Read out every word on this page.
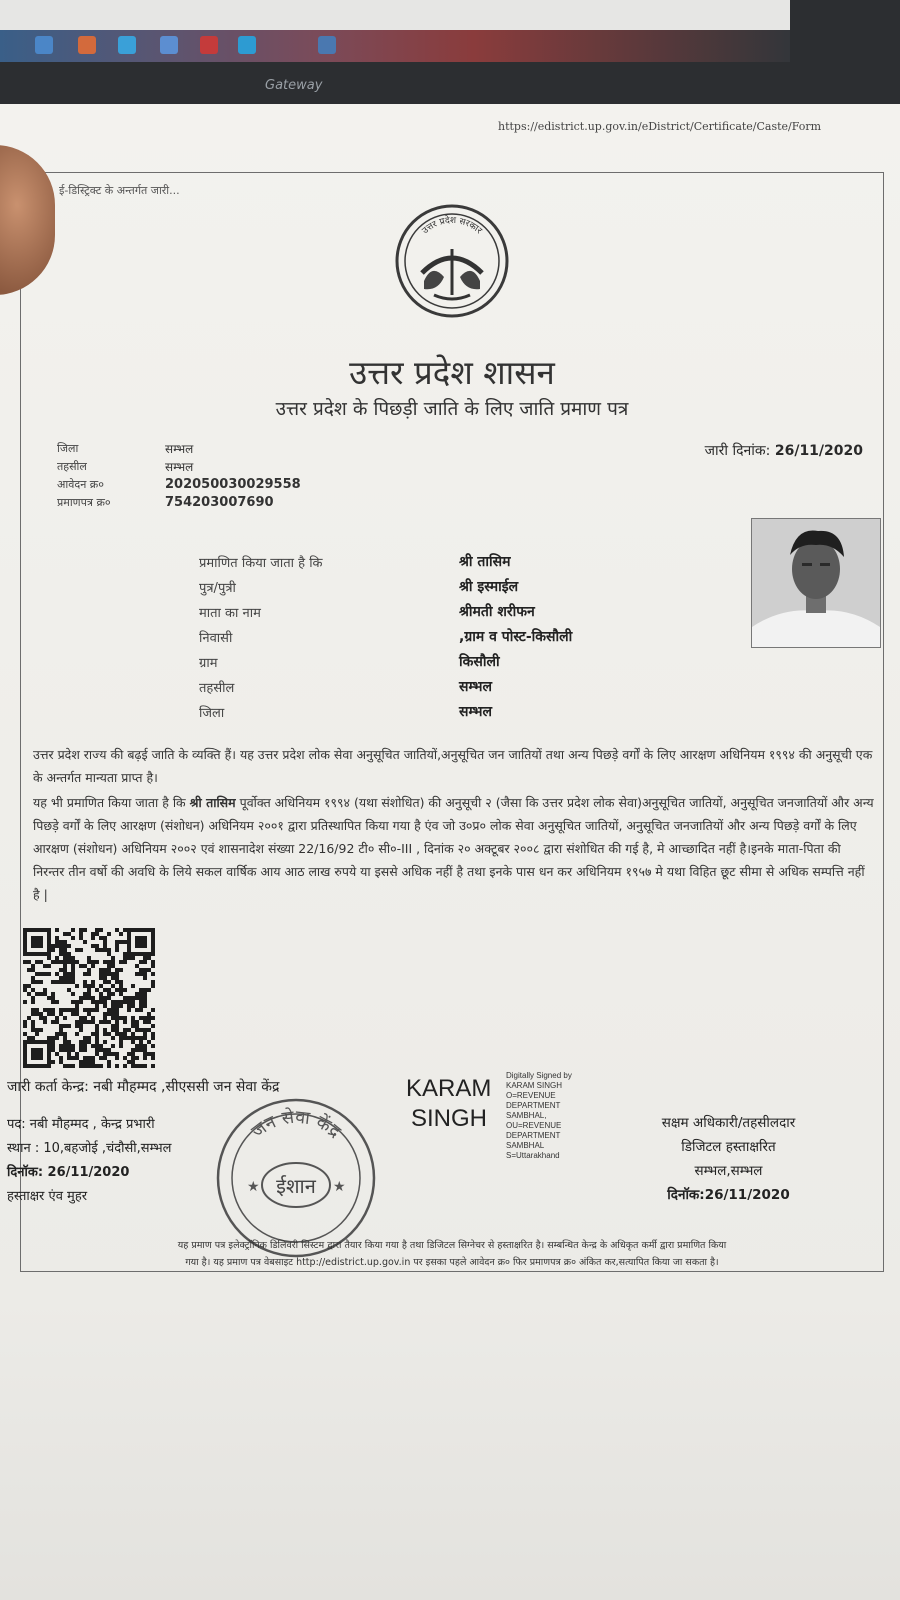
Gateway
https://edistrict.up.gov.in/eDistrict/Certificate/Caste/Form
ई-डिस्ट्रिक्ट के अन्तर्गत जारी...
उत्तर प्रदेश सरकार
उत्तर प्रदेश शासन
उत्तर प्रदेश के पिछड़ी जाति के लिए जाति प्रमाण पत्र
जिला	सम्भल
तहसील	सम्भल
आवेदन क्र०	202050030029558
प्रमाणपत्र क्र०	754203007690
जारी दिनांक: 26/11/2020
प्रमाणित किया जाता है कि	श्री तासिम
पुत्र/पुत्री	श्री इस्माईल
माता का नाम	श्रीमती शरीफन
निवासी	,ग्राम व पोस्ट-किसौली
ग्राम	किसौली
तहसील	सम्भल
जिला	सम्भल
उत्तर प्रदेश राज्य की बढ़ई जाति के व्यक्ति हैं। यह उत्तर प्रदेश लोक सेवा अनुसूचित जातियों,अनुसूचित जन जातियों तथा अन्य पिछड़े वर्गों के लिए आरक्षण अधिनियम १९९४ की अनुसूची एक के अन्तर्गत मान्यता प्राप्त है।
यह भी प्रमाणित किया जाता है कि श्री तासिम पूर्वोक्त अधिनियम १९९४ (यथा संशोधित) की अनुसूची २ (जैसा कि उत्तर प्रदेश लोक सेवा)अनुसूचित जातियों, अनुसूचित जनजातियों और अन्य पिछड़े वर्गों के लिए आरक्षण (संशोधन) अधिनियम २००१ द्वारा प्रतिस्थापित किया गया है एंव जो उ०प्र० लोक सेवा अनुसूचित जातियों, अनुसूचित जनजातियों और अन्य पिछड़े वर्गों के लिए आरक्षण (संशोधन) अधिनियम २००२ एवं शासनादेश संख्या 22/16/92 टी० सी०-III , दिनांक २० अक्टूबर २००८ द्वारा संशोधित की गई है, मे आच्छादित नहीं है।इनके माता-पिता की निरन्तर तीन वर्षो की अवधि के लिये सकल वार्षिक आय आठ लाख रुपये या इससे अधिक नहीं है तथा इनके पास धन कर अधिनियम १९५७ मे यथा विहित छूट सीमा से अधिक सम्पत्ति नहीं है |
जारी कर्ता केन्द्र: नबी मौहम्मद ,सीएससी जन सेवा केंद्र	KARAM
SINGH
Digitally Signed by
KARAM SINGH
O=REVENUE
DEPARTMENT
SAMBHAL,
OU=REVENUE
DEPARTMENT
SAMBHAL
S=Uttarakhand
पद: नबी मौहम्मद , केन्द्र प्रभारी
स्थान : 10,बहजोई ,चंदौसी,सम्भल
दिनॉक: 26/11/2020
हस्ताक्षर एंव मुहर
जन सेवा केंद्र
ईशान
★	★
सक्षम अधिकारी/तहसीलदार
डिजिटल हस्ताक्षरित
सम्भल,सम्भल
दिनॉक:26/11/2020
यह प्रमाण पत्र इलेक्ट्रॉनिक डिलिवरी सिस्टम द्वारा तैयार किया गया है तथा डिजिटल सिग्नेचर से हस्ताक्षरित है। सम्बन्धित केन्द्र के अधिकृत कर्मी द्वारा प्रमाणित किया
गया है। यह प्रमाण पत्र वेबसाइट http://edistrict.up.gov.in पर इसका पहले आवेदन क्र० फिर प्रमाणपत्र क्र० अंकित कर,सत्यापित किया जा सकता है।
